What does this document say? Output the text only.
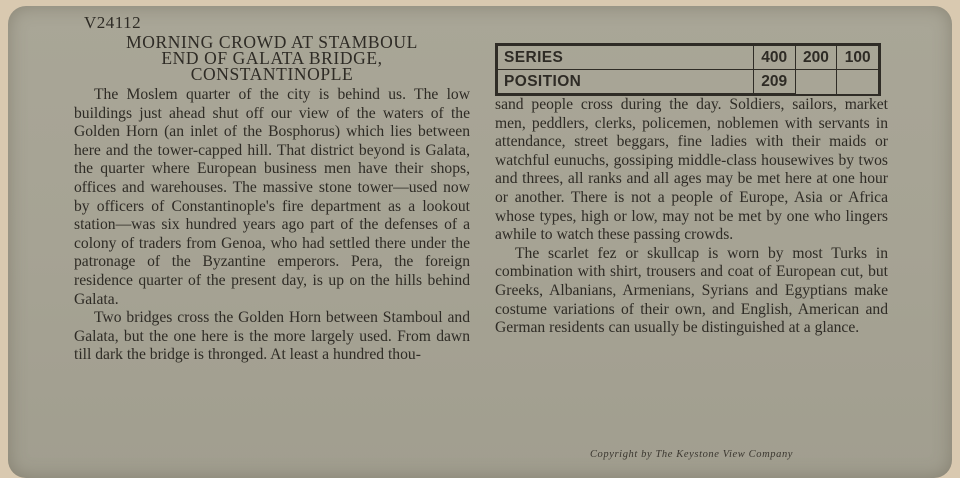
V24112
MORNING CROWD AT STAMBOUL
END OF GALATA BRIDGE,
CONSTANTINOPLE

The Moslem quarter of the city is behind us. The low buildings just ahead shut off our view of the waters of the Golden Horn (an inlet of the Bosphorus) which lies between here and the tower-capped hill. That district beyond is Galata, the quarter where European business men have their shops, offices and warehouses. The massive stone tower—used now by officers of Constantinople's fire department as a lookout station—was six hundred years ago part of the defenses of a colony of traders from Genoa, who had settled there under the patronage of the Byzantine emperors. Pera, the foreign residence quarter of the present day, is up on the hills behind Galata.

Two bridges cross the Golden Horn between Stamboul and Galata, but the one here is the more largely used. From dawn till dark the bridge is thronged. At least a hundred thou-

SERIES	400	200	100
POSITION	209		

sand people cross during the day. Soldiers, sailors, market men, peddlers, clerks, policemen, noblemen with servants in attendance, street beggars, fine ladies with their maids or watchful eunuchs, gossiping middle-class housewives by twos and threes, all ranks and all ages may be met here at one hour or another. There is not a people of Europe, Asia or Africa whose types, high or low, may not be met by one who lingers awhile to watch these passing crowds.

The scarlet fez or skullcap is worn by most Turks in combination with shirt, trousers and coat of European cut, but Greeks, Albanians, Armenians, Syrians and Egyptians make costume variations of their own, and English, American and German residents can usually be distinguished at a glance.

Copyright by The Keystone View Company
